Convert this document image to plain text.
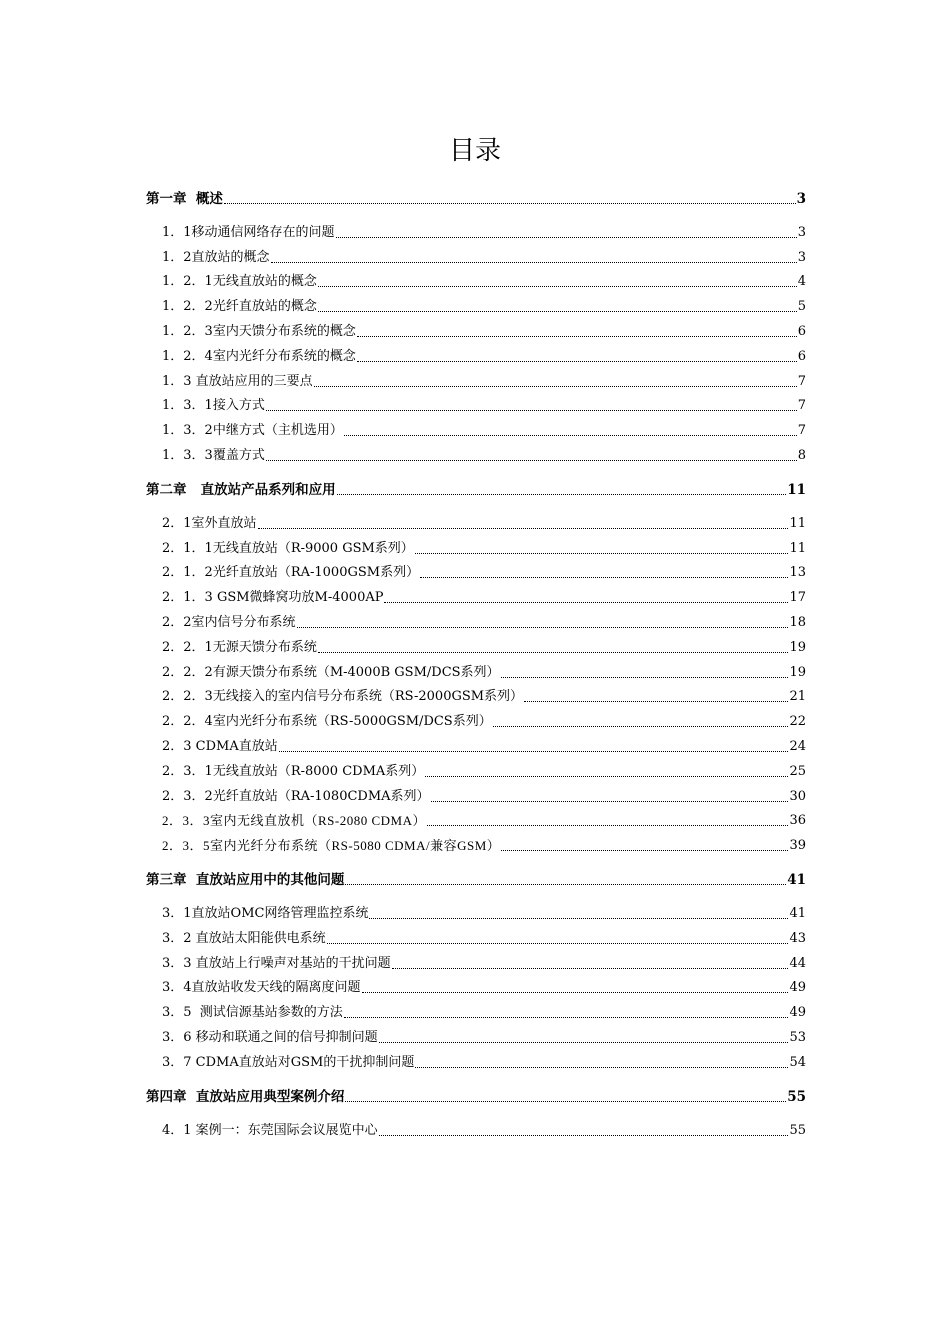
目录
第一章  概述	3
1．1移动通信网络存在的问题	3
1．2直放站的概念	3
1．2．1无线直放站的概念	4
1．2．2光纤直放站的概念	5
1．2．3室内天馈分布系统的概念	6
1．2．4室内光纤分布系统的概念	6
1．3 直放站应用的三要点	7
1．3．1接入方式	7
1．3．2中继方式（主机选用）	7
1．3．3覆盖方式	8
第二章   直放站产品系列和应用	11
2．1室外直放站	11
2．1．1无线直放站（R-9000 GSM系列）	11
2．1．2光纤直放站（RA-1000GSM系列）	13
2．1．3 GSM微蜂窝功放M-4000AP	17
2．2室内信号分布系统	18
2．2．1无源天馈分布系统	19
2．2．2有源天馈分布系统（M-4000B GSM/DCS系列）	19
2．2．3无线接入的室内信号分布系统（RS-2000GSM系列）	21
2．2．4室内光纤分布系统（RS-5000GSM/DCS系列）	22
2．3 CDMA直放站	24
2．3．1无线直放站（R-8000 CDMA系列）	25
2．3．2光纤直放站（RA-1080CDMA系列）	30
2．3．3室内无线直放机（RS-2080 CDMA）	36
2．3．5室内光纤分布系统（RS-5080 CDMA/兼容GSM）	39
第三章  直放站应用中的其他问题	41
3．1直放站OMC网络管理监控系统	41
3．2 直放站太阳能供电系统	43
3．3 直放站上行噪声对基站的干扰问题	44
3．4直放站收发天线的隔离度问题	49
3．5  测试信源基站参数的方法	49
3．6 移动和联通之间的信号抑制问题	53
3．7 CDMA直放站对GSM的干扰抑制问题	54
第四章  直放站应用典型案例介绍	55
4．1 案例一：东莞国际会议展览中心	55
